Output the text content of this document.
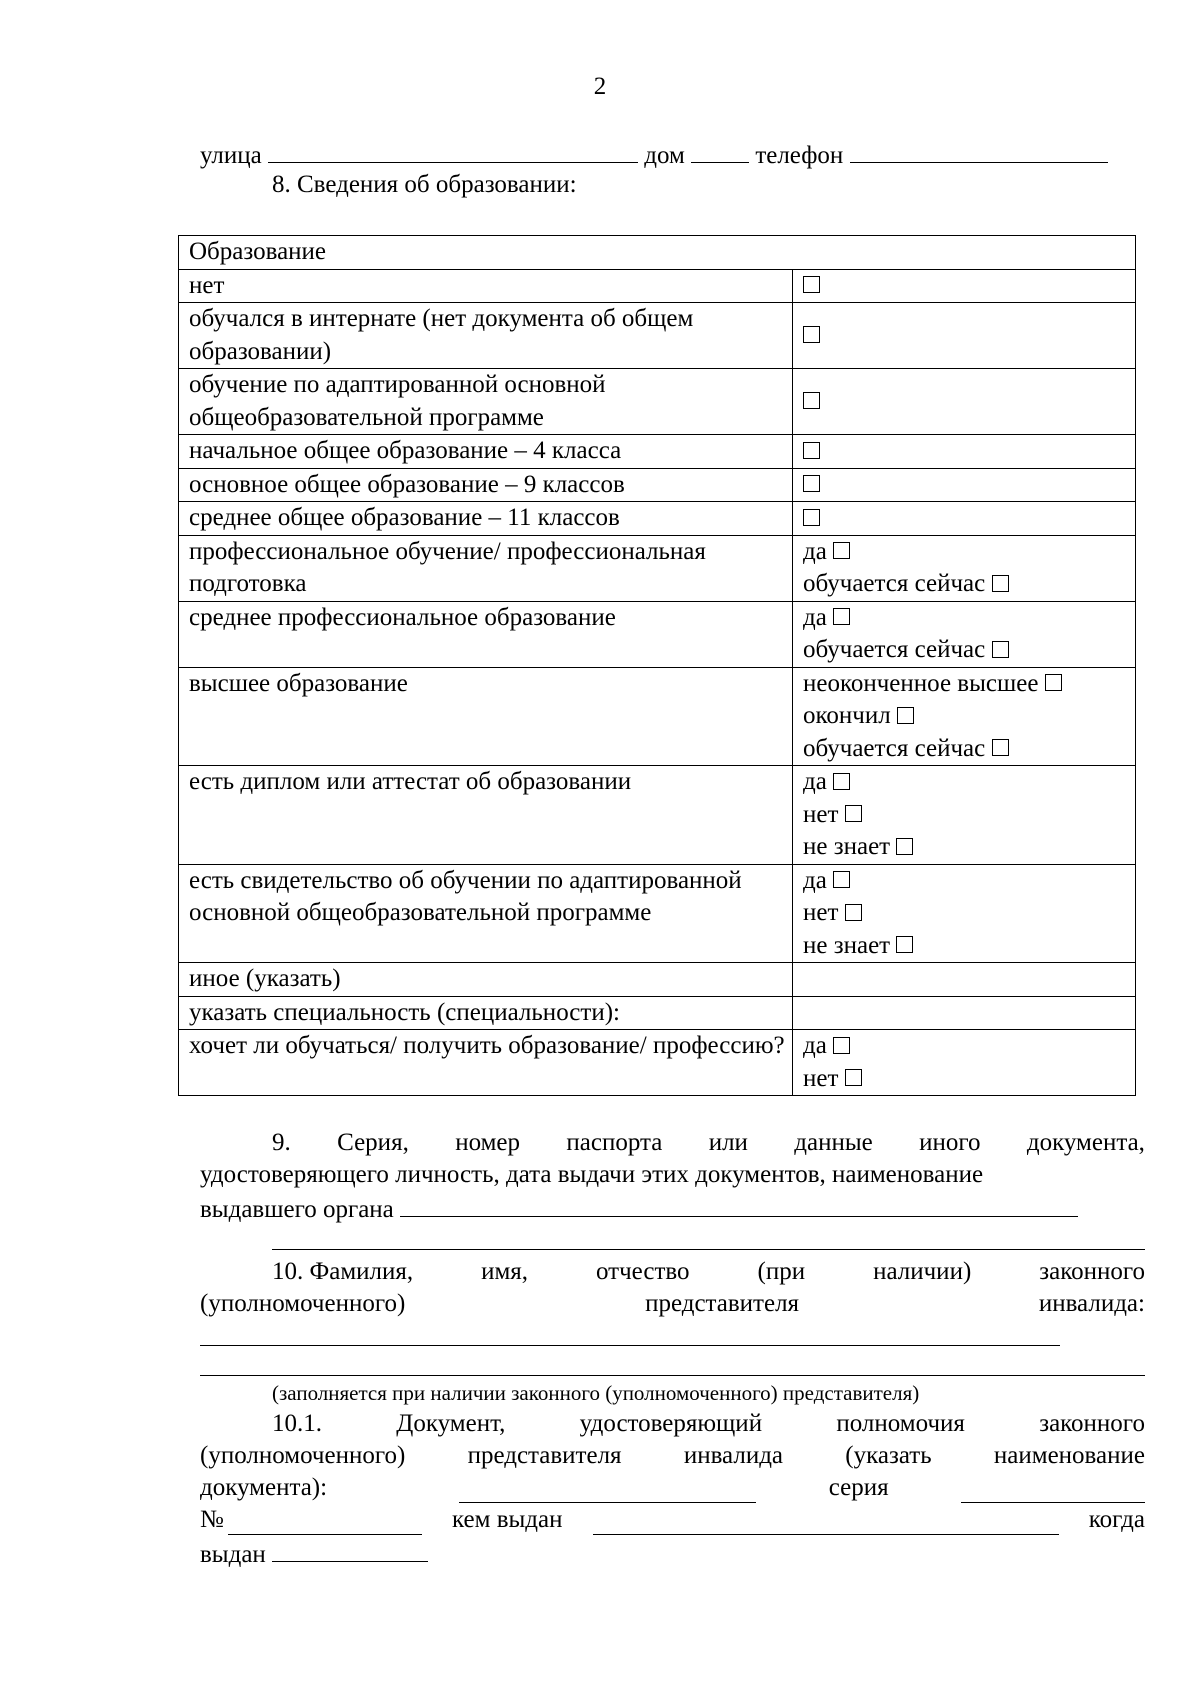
2
улица	дом	телефон
8. Сведения об образовании:
Образование	
нет	

обучался в интернате (нет документа об общем образовании)	

обучение по адаптированной основной общеобразовательной программе	

начальное общее образование – 4 класса	

основное общее образование – 9 классов	

среднее общее образование – 11 классов	

профессиональное обучение/ профессиональная подготовка	да
обучается сейчас

среднее профессиональное образование	да
обучается сейчас

высшее образование	неоконченное высшее
окончил
обучается сейчас

есть диплом или аттестат об образовании	да
нет
не знает

есть свидетельство об обучении по адаптированной основной общеобразовательной программе	да
нет
не знает

иное (указать)	
указать специальность (специальности):	
хочет ли обучаться/ получить образование/ профессию?	да
нет
9. Серия, номер паспорта или данные иного документа,
удостоверяющего личность, дата выдачи этих документов, наименование
выдавшего органа
10. Фамилия,	имя,	отчество	(при	наличии)	законного
(уполномоченного)	представителя	инвалида:
(заполняется при наличии законного (уполномоченного) представителя)
10.1.	Документ,	удостоверяющий	полномочия	законного
(уполномоченного) представителя инвалида (указать наименование
документа):	серия
№	кем выдан	когда
выдан
